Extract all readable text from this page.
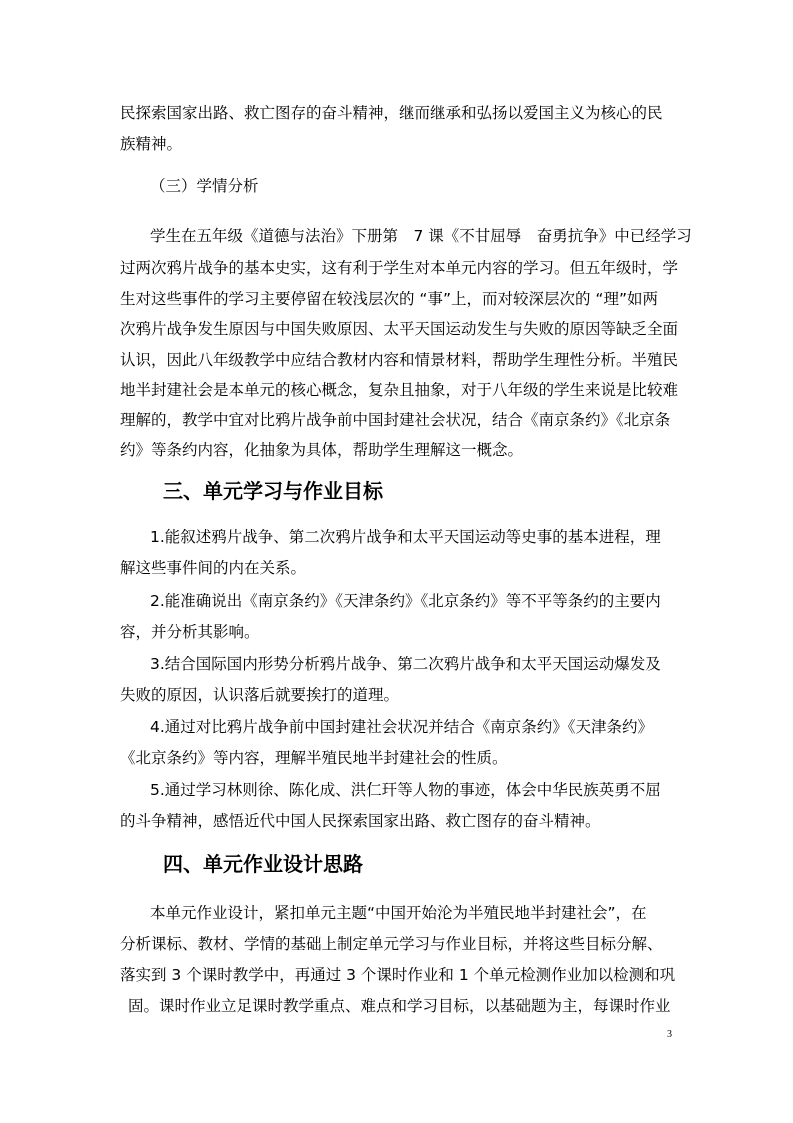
民探索国家出路、救亡图存的奋斗精神，继而继承和弘扬以爱国主义为核心的民
族精神。
（三）学情分析
学生在五年级《道德与法治》下册第　7 课《不甘屈辱　奋勇抗争》中已经学习
过两次鸦片战争的基本史实，这有利于学生对本单元内容的学习。但五年级时，学
生对这些事件的学习主要停留在较浅层次的 “事”上，而对较深层次的 “理”如两
次鸦片战争发生原因与中国失败原因、太平天国运动发生与失败的原因等缺乏全面
认识，因此八年级教学中应结合教材内容和情景材料，帮助学生理性分析。半殖民
地半封建社会是本单元的核心概念，复杂且抽象，对于八年级的学生来说是比较难
理解的，教学中宜对比鸦片战争前中国封建社会状况，结合《南京条约》《北京条
约》等条约内容，化抽象为具体，帮助学生理解这一概念。
三、单元学习与作业目标
1.能叙述鸦片战争、第二次鸦片战争和太平天国运动等史事的基本进程，理
解这些事件间的内在关系。
2.能准确说出《南京条约》《天津条约》《北京条约》等不平等条约的主要内
容，并分析其影响。
3.结合国际国内形势分析鸦片战争、第二次鸦片战争和太平天国运动爆发及
失败的原因，认识落后就要挨打的道理。
4.通过对比鸦片战争前中国封建社会状况并结合《南京条约》《天津条约》
《北京条约》等内容，理解半殖民地半封建社会的性质。
5.通过学习林则徐、陈化成、洪仁玕等人物的事迹，体会中华民族英勇不屈
的斗争精神，感悟近代中国人民探索国家出路、救亡图存的奋斗精神。
四、单元作业设计思路
本单元作业设计，紧扣单元主题“中国开始沦为半殖民地半封建社会”，在
分析课标、教材、学情的基础上制定单元学习与作业目标，并将这些目标分解、
落实到 3 个课时教学中，再通过 3 个课时作业和 1 个单元检测作业加以检测和巩
固。课时作业立足课时教学重点、难点和学习目标，以基础题为主，每课时作业
3
